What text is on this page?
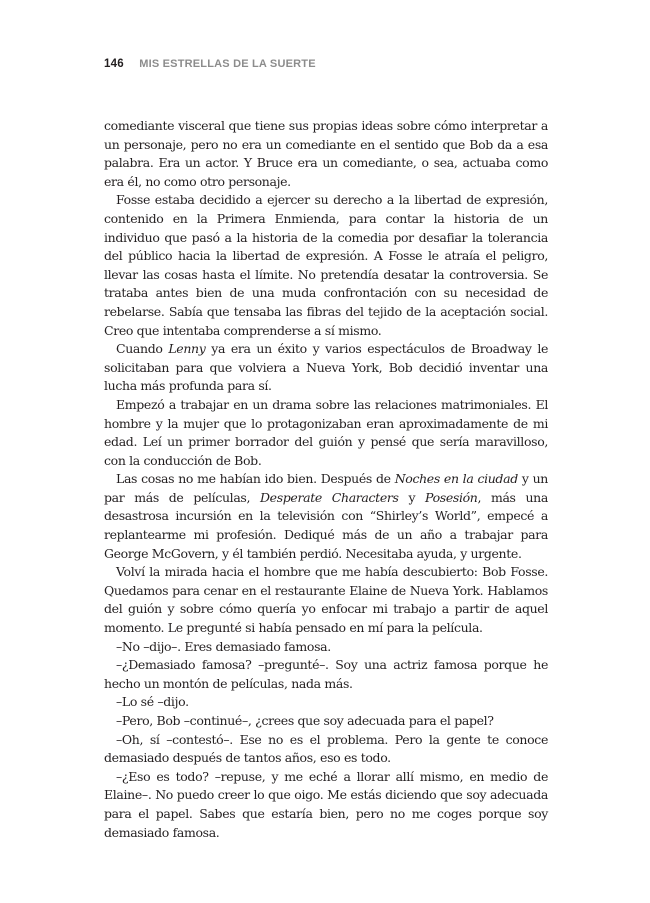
146 MIS ESTRELLAS DE LA SUERTE

comediante visceral que tiene sus propias ideas sobre cómo interpretar a un personaje, pero no era un comediante en el sentido que Bob da a esa palabra. Era un actor. Y Bruce era un comediante, o sea, actuaba como era él, no como otro personaje.

Fosse estaba decidido a ejercer su derecho a la libertad de expresión, contenido en la Primera Enmienda, para contar la historia de un individuo que pasó a la historia de la comedia por desafiar la tolerancia del público hacia la libertad de expresión. A Fosse le atraía el peligro, llevar las cosas hasta el límite. No pretendía desatar la controversia. Se trataba antes bien de una muda confrontación con su necesidad de rebelarse. Sabía que tensaba las fibras del tejido de la aceptación social. Creo que intentaba comprenderse a sí mismo.

Cuando Lenny ya era un éxito y varios espectáculos de Broadway le solicitaban para que volviera a Nueva York, Bob decidió inventar una lucha más profunda para sí.

Empezó a trabajar en un drama sobre las relaciones matrimoniales. El hombre y la mujer que lo protagonizaban eran aproximadamente de mi edad. Leí un primer borrador del guión y pensé que sería maravilloso, con la conducción de Bob.

Las cosas no me habían ido bien. Después de Noches en la ciudad y un par más de películas, Desperate Characters y Posesión, más una desastrosa incursión en la televisión con “Shirley’s World”, empecé a replantearme mi profesión. Dediqué más de un año a trabajar para George McGovern, y él también perdió. Necesitaba ayuda, y urgente.

Volví la mirada hacia el hombre que me había descubierto: Bob Fosse. Quedamos para cenar en el restaurante Elaine de Nueva York. Hablamos del guión y sobre cómo quería yo enfocar mi trabajo a partir de aquel momento. Le pregunté si había pensado en mí para la película.

–No –dijo–. Eres demasiado famosa.

–¿Demasiado famosa? –pregunté–. Soy una actriz famosa porque he hecho un montón de películas, nada más.

–Lo sé –dijo.

–Pero, Bob –continué–, ¿crees que soy adecuada para el papel?

–Oh, sí –contestó–. Ese no es el problema. Pero la gente te conoce demasiado después de tantos años, eso es todo.

–¿Eso es todo? –repuse, y me eché a llorar allí mismo, en medio de Elaine–. No puedo creer lo que oigo. Me estás diciendo que soy adecuada para el papel. Sabes que estaría bien, pero no me coges porque soy demasiado famosa.
